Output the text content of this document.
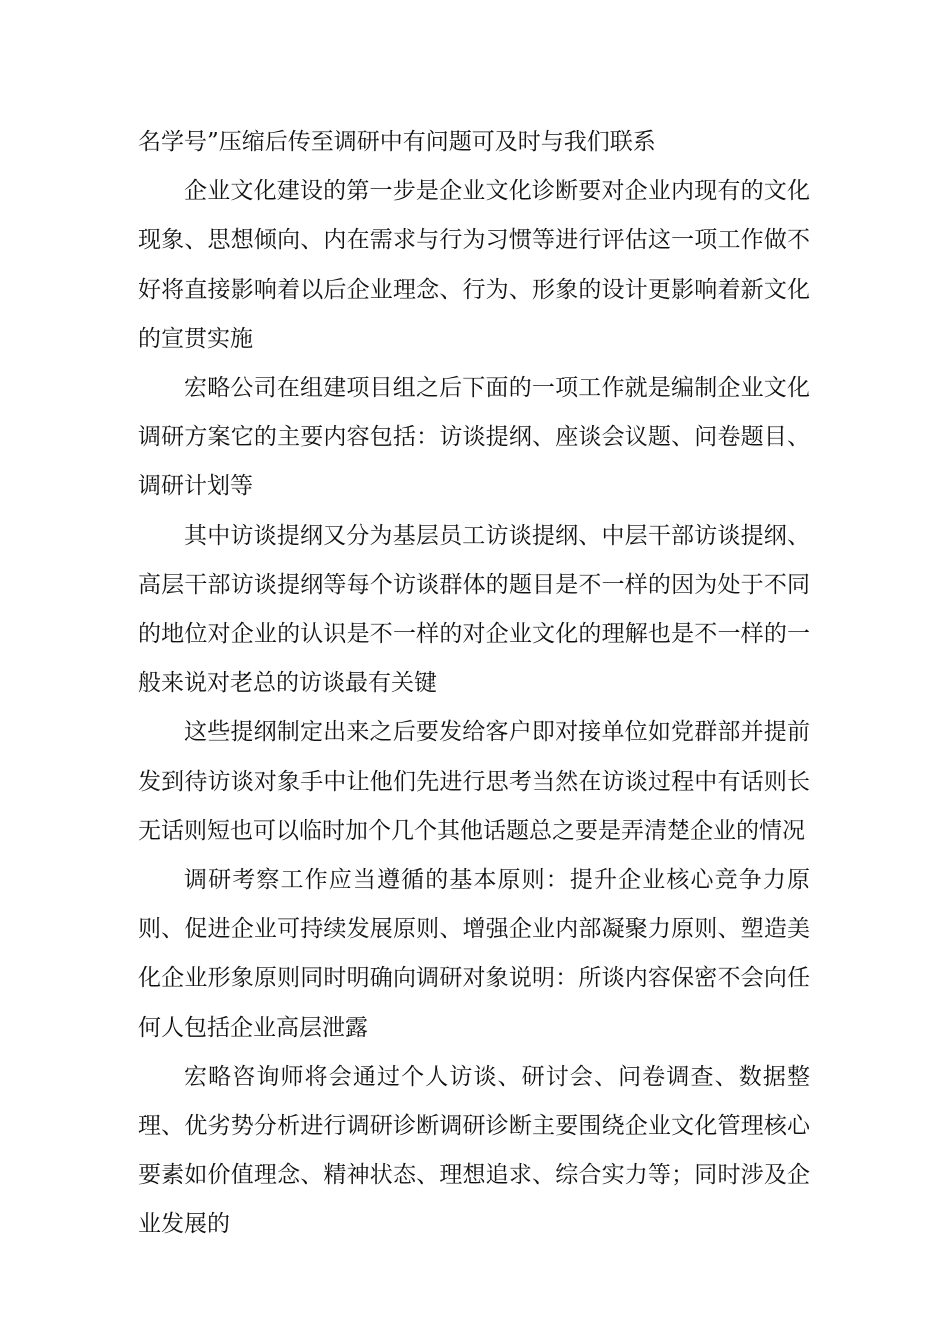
名学号”压缩后传至调研中有问题可及时与我们联系

企业文化建设的第一步是企业文化诊断要对企业内现有的文化现象、思想倾向、内在需求与行为习惯等进行评估这一项工作做不好将直接影响着以后企业理念、行为、形象的设计更影响着新文化的宣贯实施

宏略公司在组建项目组之后下面的一项工作就是编制企业文化调研方案它的主要内容包括：访谈提纲、座谈会议题、问卷题目、调研计划等

其中访谈提纲又分为基层员工访谈提纲、中层干部访谈提纲、高层干部访谈提纲等每个访谈群体的题目是不一样的因为处于不同的地位对企业的认识是不一样的对企业文化的理解也是不一样的一般来说对老总的访谈最有关键

这些提纲制定出来之后要发给客户即对接单位如党群部并提前发到待访谈对象手中让他们先进行思考当然在访谈过程中有话则长无话则短也可以临时加个几个其他话题总之要是弄清楚企业的情况

调研考察工作应当遵循的基本原则：提升企业核心竞争力原则、促进企业可持续发展原则、增强企业内部凝聚力原则、塑造美化企业形象原则同时明确向调研对象说明：所谈内容保密不会向任何人包括企业高层泄露

宏略咨询师将会通过个人访谈、研讨会、问卷调查、数据整理、优劣势分析进行调研诊断调研诊断主要围绕企业文化管理核心要素如价值理念、精神状态、理想追求、综合实力等；同时涉及企业发展的
